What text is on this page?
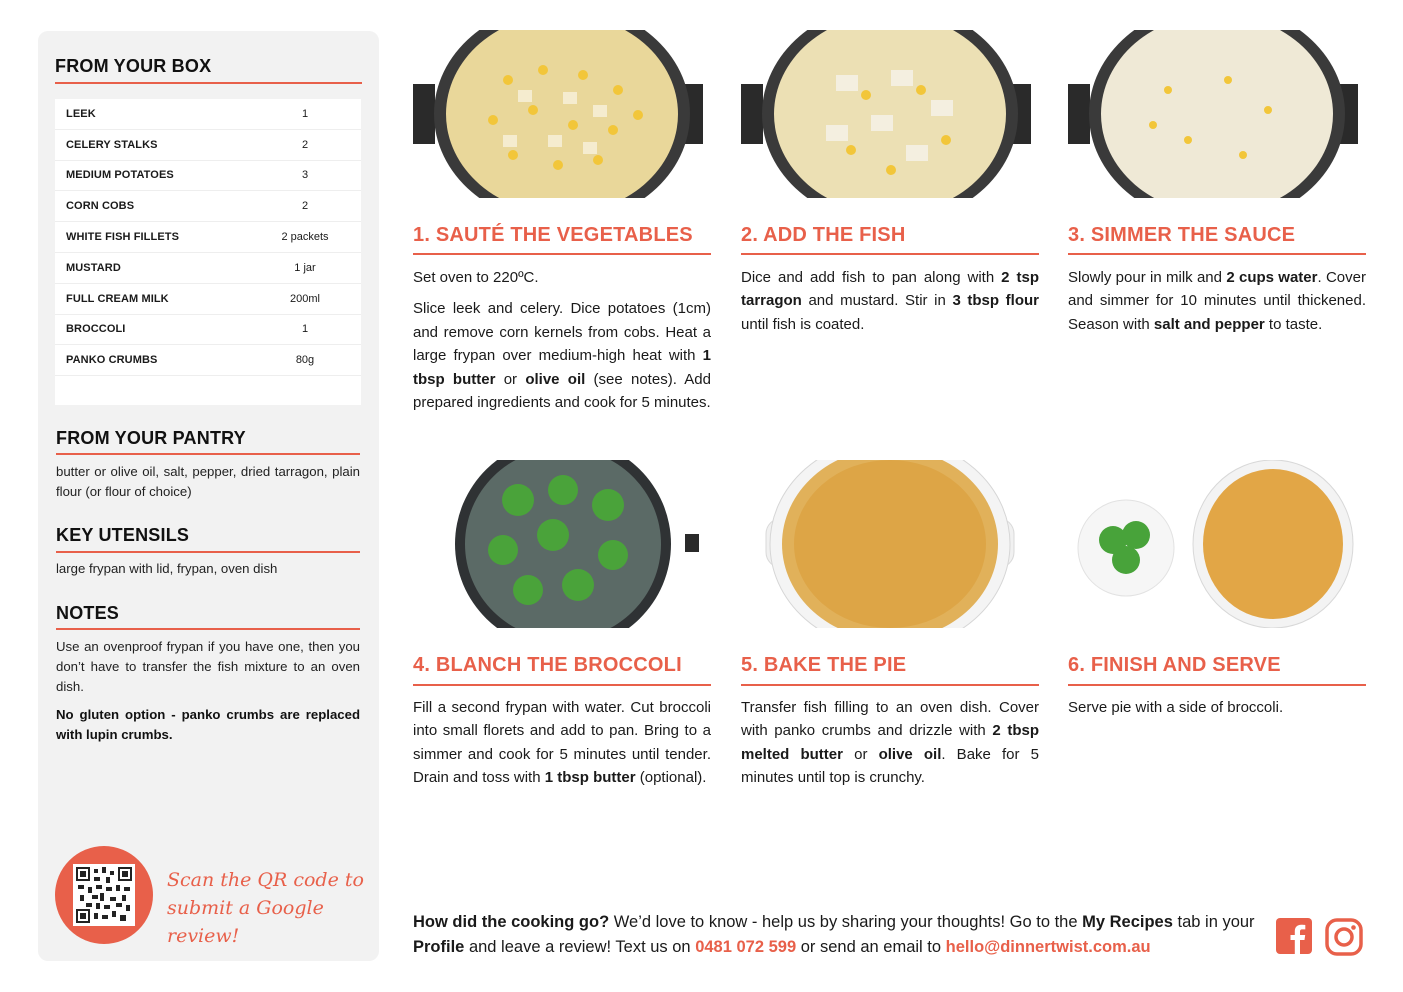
FROM YOUR BOX
LEEK	1
CELERY STALKS	2
MEDIUM POTATOES	3
CORN COBS	2
WHITE FISH FILLETS	2 packets
MUSTARD	1 jar
FULL CREAM MILK	200ml
BROCCOLI	1
PANKO CRUMBS	80g
FROM YOUR PANTRY
butter or olive oil, salt, pepper, dried tarragon, plain flour (or flour of choice)
KEY UTENSILS
large frypan with lid, frypan, oven dish
NOTES
Use an ovenproof frypan if you have one, then you don’t have to transfer the fish mixture to an oven dish.
No gluten option - panko crumbs are replaced with lupin crumbs.
Scan the QR code to
submit a Google review!
1. SAUTÉ THE VEGETABLES

Set oven to 220ºC.

Slice leek and celery. Dice potatoes (1cm) and remove corn kernels from cobs. Heat a large frypan over medium-high heat with 1 tbsp butter or olive oil (see notes). Add prepared ingredients and cook for 5 minutes.

2. ADD THE FISH

Dice and add fish to pan along with 2 tsp tarragon and mustard. Stir in 3 tbsp flour until fish is coated.

3. SIMMER THE SAUCE

Slowly pour in milk and 2 cups water. Cover and simmer for 10 minutes until thickened. Season with salt and pepper to taste.

4. BLANCH THE BROCCOLI

Fill a second frypan with water. Cut broccoli into small florets and add to pan. Bring to a simmer and cook for 5 minutes until tender. Drain and toss with 1 tbsp butter (optional).

5. BAKE THE PIE

Transfer fish filling to an oven dish. Cover with panko crumbs and drizzle with 2 tbsp melted butter or olive oil. Bake for 5 minutes until top is crunchy.

6. FINISH AND SERVE

Serve pie with a side of broccoli.

How did the cooking go? We’d love to know - help us by sharing your thoughts! Go to the My Recipes tab in your Profile and leave a review! Text us on 0481 072 599 or send an email to hello@dinnertwist.com.au
